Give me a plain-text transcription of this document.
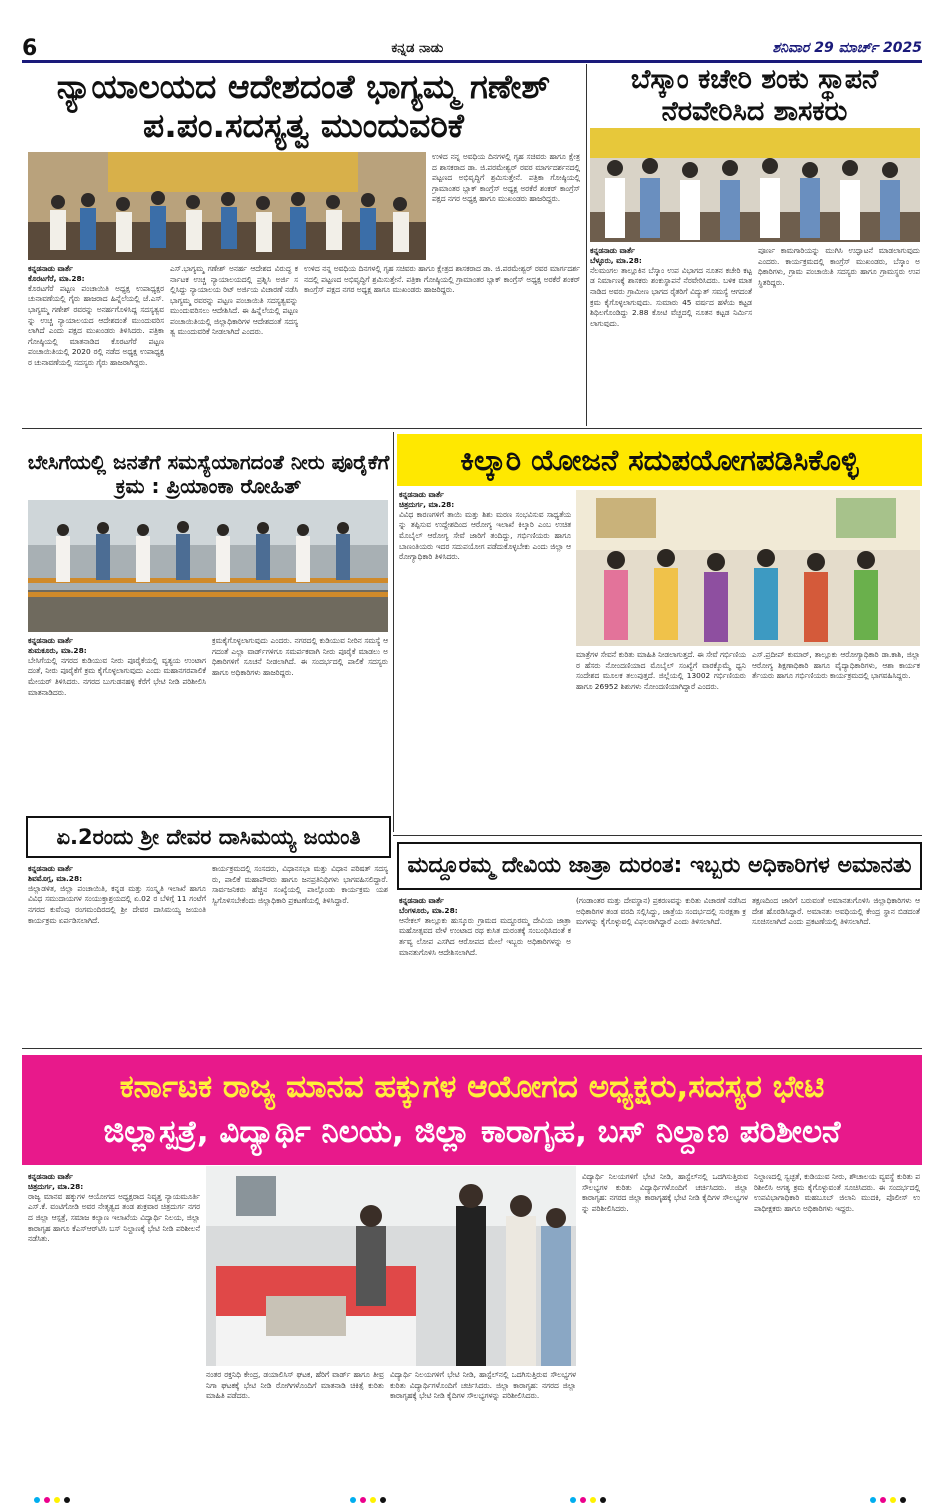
6	ಕನ್ನಡ ನಾಡು	ಶನಿವಾರ 29 ಮಾರ್ಚ್ 2025
ನ್ಯಾಯಾಲಯದ ಆದೇಶದಂತೆ ಭಾಗ್ಯಮ್ಮ ಗಣೇಶ್ ಪ.ಪಂ.ಸದಸ್ಯತ್ವ ಮುಂದುವರಿಕೆ
ಉಳಿದ ನನ್ನ ಅವಧಿಯ ದಿನಗಳಲ್ಲಿ ಗೃಹ ಸಚಿವರು ಹಾಗೂ ಕ್ಷೇತ್ರದ ಶಾಸಕರಾದ ಡಾ. ಜಿ.ಪರಮೇಶ್ವರ್ ರವರ ಮಾರ್ಗದರ್ಶನದಲ್ಲಿ ಪಟ್ಟಣದ ಅಭಿವೃದ್ಧಿಗೆ ಶ್ರಮಿಸುತ್ತೇನೆ. ಪತ್ರಿಕಾ ಗೋಷ್ಠಿಯಲ್ಲಿ ಗ್ರಾಮಾಂತರ ಬ್ಲಾಕ್ ಕಾಂಗ್ರೆಸ್ ಅಧ್ಯಕ್ಷ ಅರಕೆರೆ ಶಂಕರ್ ಕಾಂಗ್ರೆಸ್ ಪಕ್ಷದ ನಗರ ಅಧ್ಯಕ್ಷ ಹಾಗೂ ಮುಖಂಡರು ಹಾಜರಿದ್ದರು.
ಕನ್ನಡನಾಡು ವಾರ್ತೆ
ಕೊರಟಗೆರೆ, ಮಾ.28:
ಕೊರಟಗೆರೆ ಪಟ್ಟಣ ಪಂಚಾಯಿತಿ ಅಧ್ಯಕ್ಷ ಉಪಾಧ್ಯಕ್ಷರ ಚುನಾವಣೆಯಲ್ಲಿ ಗೈರು ಹಾಜರಾದ ಹಿನ್ನೆಲೆಯಲ್ಲಿ ಜೆ.ಎಸ್.ಭಾಗ್ಯಮ್ಮ ಗಣೇಶ್ ರವರನ್ನು ಅನರ್ಹಗೊಳಿಸಿದ್ದ ಸದಸ್ಯತ್ವವನ್ನು ಉಚ್ಚ ನ್ಯಾಯಾಲಯದ ಆದೇಶದಂತೆ ಮುಂದುವರಿಸಲಾಗಿದೆ ಎಂದು ಪಕ್ಷದ ಮುಖಂಡರು ತಿಳಿಸಿದರು. ಪತ್ರಿಕಾ ಗೋಷ್ಠಿಯಲ್ಲಿ ಮಾತನಾಡಿದ ಕೊರಟಗೆರೆ ಪಟ್ಟಣ ಪಂಚಾಯಿತಿಯಲ್ಲಿ 2020 ರಲ್ಲಿ ನಡೆದ ಅಧ್ಯಕ್ಷ ಉಪಾಧ್ಯಕ್ಷರ ಚುನಾವಣೆಯಲ್ಲಿ ಸದಸ್ಯರು ಗೈರು ಹಾಜರಾಗಿದ್ದರು.
ಎಸ್.ಭಾಗ್ಯಮ್ಮ ಗಣೇಶ್ ಅನರ್ಹ ಆದೇಶದ ವಿರುದ್ಧ ಕರ್ನಾಟಕ ಉಚ್ಚ ನ್ಯಾಯಾಲಯದಲ್ಲಿ ಪ್ರಶ್ನಿಸಿ ಅರ್ಜಿ ಸಲ್ಲಿಸಿದ್ದು ನ್ಯಾಯಾಲಯ ರಿಟ್ ಅರ್ಜಿಯ ವಿಚಾರಣೆ ನಡೆಸಿ ಭಾಗ್ಯಮ್ಮ ರವರನ್ನು ಪಟ್ಟಣ ಪಂಚಾಯಿತಿ ಸದಸ್ಯತ್ವವನ್ನು ಮುಂದುವರಿಸಲು ಆದೇಶಿಸಿದೆ. ಈ ಹಿನ್ನೆಲೆಯಲ್ಲಿ ಪಟ್ಟಣ ಪಂಚಾಯಿತಿಯಲ್ಲಿ ಜಿಲ್ಲಾಧಿಕಾರಿಗಳ ಆದೇಶದಂತೆ ಸದಸ್ಯತ್ವ ಮುಂದುವರಿಕೆ ನೀಡಲಾಗಿದೆ ಎಂದರು.
ಉಳಿದ ನನ್ನ ಅವಧಿಯ ದಿನಗಳಲ್ಲಿ ಗೃಹ ಸಚಿವರು ಹಾಗೂ ಕ್ಷೇತ್ರದ ಶಾಸಕರಾದ ಡಾ. ಜಿ.ಪರಮೇಶ್ವರ್ ರವರ ಮಾರ್ಗದರ್ಶನದಲ್ಲಿ ಪಟ್ಟಣದ ಅಭಿವೃದ್ಧಿಗೆ ಶ್ರಮಿಸುತ್ತೇನೆ. ಪತ್ರಿಕಾ ಗೋಷ್ಠಿಯಲ್ಲಿ ಗ್ರಾಮಾಂತರ ಬ್ಲಾಕ್ ಕಾಂಗ್ರೆಸ್ ಅಧ್ಯಕ್ಷ ಅರಕೆರೆ ಶಂಕರ್ ಕಾಂಗ್ರೆಸ್ ಪಕ್ಷದ ನಗರ ಅಧ್ಯಕ್ಷ ಹಾಗೂ ಮುಖಂಡರು ಹಾಜರಿದ್ದರು.
ಬೆಸ್ಕಾಂ ಕಚೇರಿ ಶಂಕು ಸ್ಥಾಪನೆ ನೆರವೇರಿಸಿದ ಶಾಸಕರು
ಕನ್ನಡನಾಡು ವಾರ್ತೆ
ಬೆಳ್ಳೂರು, ಮಾ.28:
ನೆಲಮಂಗಲ ತಾಲ್ಲೂಕಿನ ಬೆಸ್ಕಾಂ ಉಪ ವಿಭಾಗದ ನೂತನ ಕಚೇರಿ ಕಟ್ಟಡ ನಿರ್ಮಾಣಕ್ಕೆ ಶಾಸಕರು ಶಂಕುಸ್ಥಾಪನೆ ನೆರವೇರಿಸಿದರು. ಬಳಿಕ ಮಾತನಾಡಿದ ಅವರು ಗ್ರಾಮೀಣ ಭಾಗದ ರೈತರಿಗೆ ವಿದ್ಯುತ್ ಸಮಸ್ಯೆ ಆಗದಂತೆ ಕ್ರಮ ಕೈಗೊಳ್ಳಲಾಗುವುದು. ಸುಮಾರು 45 ವರ್ಷದ ಹಳೆಯ ಕಟ್ಟಡ ಶಿಥಿಲಗೊಂಡಿದ್ದು 2.88 ಕೋಟಿ ವೆಚ್ಚದಲ್ಲಿ ನೂತನ ಕಟ್ಟಡ ನಿರ್ಮಿಸಲಾಗುವುದು.
ಪೂರ್ಣ ಕಾಮಗಾರಿಯನ್ನು ಮುಗಿಸಿ ಉದ್ಘಾಟನೆ ಮಾಡಲಾಗುವುದು ಎಂದರು. ಕಾರ್ಯಕ್ರಮದಲ್ಲಿ ಕಾಂಗ್ರೆಸ್ ಮುಖಂಡರು, ಬೆಸ್ಕಾಂ ಅಧಿಕಾರಿಗಳು, ಗ್ರಾಮ ಪಂಚಾಯಿತಿ ಸದಸ್ಯರು ಹಾಗೂ ಗ್ರಾಮಸ್ಥರು ಉಪಸ್ಥಿತರಿದ್ದರು.
ಬೇಸಿಗೆಯಲ್ಲಿ ಜನತೆಗೆ ಸಮಸ್ಯೆಯಾಗದಂತೆ ನೀರು ಪೂರೈಕೆಗೆ ಕ್ರಮ : ಪ್ರಿಯಾಂಕಾ ರೋಹಿತ್
ಕನ್ನಡನಾಡು ವಾರ್ತೆ
ತುಮಕೂರು, ಮಾ.28:
ಬೇಸಿಗೆಯಲ್ಲಿ ನಗರದ ಕುಡಿಯುವ ನೀರು ಪೂರೈಕೆಯಲ್ಲಿ ವ್ಯತ್ಯಯ ಉಂಟಾಗದಂತೆ, ನೀರು ಪೂರೈಕೆಗೆ ಕ್ರಮ ಕೈಗೊಳ್ಳಲಾಗುವುದು ಎಂದು ಮಹಾನಗರಪಾಲಿಕೆ ಮೇಯರ್ ತಿಳಿಸಿದರು. ನಗರದ ಬುಗುಡನಹಳ್ಳಿ ಕೆರೆಗೆ ಭೇಟಿ ನೀಡಿ ಪರಿಶೀಲಿಸಿ ಮಾತನಾಡಿದರು.
ಕ್ರಮಕೈಗೊಳ್ಳಲಾಗುವುದು ಎಂದರು. ನಗರದಲ್ಲಿ ಕುಡಿಯುವ ನೀರಿನ ಸಮಸ್ಯೆ ಆಗದಂತೆ ಎಲ್ಲಾ ವಾರ್ಡ್‌ಗಳಿಗೂ ಸಮರ್ಪಕವಾಗಿ ನೀರು ಪೂರೈಕೆ ಮಾಡಲು ಅಧಿಕಾರಿಗಳಿಗೆ ಸೂಚನೆ ನೀಡಲಾಗಿದೆ. ಈ ಸಂದರ್ಭದಲ್ಲಿ ಪಾಲಿಕೆ ಸದಸ್ಯರು ಹಾಗೂ ಅಧಿಕಾರಿಗಳು ಹಾಜರಿದ್ದರು.
ಕಿಲ್ಕಾರಿ ಯೋಜನೆ ಸದುಪಯೋಗಪಡಿಸಿಕೊಳ್ಳಿ
ಕನ್ನಡನಾಡು ವಾರ್ತೆ
ಚಿತ್ರದುರ್ಗ, ಮಾ.28:
ವಿವಿಧ ಕಾರಣಗಳಿಗೆ ತಾಯಿ ಮತ್ತು ಶಿಶು ಮರಣ ಸಂಭವಿಸುವ ಸಾಧ್ಯತೆಯನ್ನು ತಪ್ಪಿಸುವ ಉದ್ದೇಶದಿಂದ ಆರೋಗ್ಯ ಇಲಾಖೆ ಕಿಲ್ಕಾರಿ ಎಂಬ ಉಚಿತ ಮೊಬೈಲ್ ಆರೋಗ್ಯ ಸೇವೆ ಜಾರಿಗೆ ತಂದಿದ್ದು, ಗರ್ಭಿಣಿಯರು ಹಾಗೂ ಬಾಣಂತಿಯರು ಇದರ ಸದುಪಯೋಗ ಪಡೆದುಕೊಳ್ಳಬೇಕು ಎಂದು ಜಿಲ್ಲಾ ಆರೋಗ್ಯಾಧಿಕಾರಿ ತಿಳಿಸಿದರು.
ಮಾತ್ರೆಗಳ ಸೇವನೆ ಕುರಿತು ಮಾಹಿತಿ ನೀಡಲಾಗುತ್ತದೆ. ಈ ಸೇವೆ ಗರ್ಭಿಣಿಯರ ಹೆಸರು ನೋಂದಣಿಯಾದ ಮೊಬೈಲ್ ಸಂಖ್ಯೆಗೆ ವಾರಕ್ಕೊಮ್ಮೆ ಧ್ವನಿ ಸಂದೇಶದ ಮೂಲಕ ತಲುಪುತ್ತದೆ. ಜಿಲ್ಲೆಯಲ್ಲಿ 13002 ಗರ್ಭಿಣಿಯರು ಹಾಗೂ 26952 ಶಿಶುಗಳು ನೋಂದಣಿಯಾಗಿದ್ದಾರೆ ಎಂದರು.
ಎಸ್.ಪ್ರದೀಪ್ ಕುಮಾರ್, ತಾಲ್ಲೂಕು ಆರೋಗ್ಯಾಧಿಕಾರಿ ಡಾ.ಕಾಶಿ, ಜಿಲ್ಲಾ ಆರೋಗ್ಯ ಶಿಕ್ಷಣಾಧಿಕಾರಿ ಹಾಗೂ ವೈದ್ಯಾಧಿಕಾರಿಗಳು, ಆಶಾ ಕಾರ್ಯಕರ್ತೆಯರು ಹಾಗೂ ಗರ್ಭಿಣಿಯರು ಕಾರ್ಯಕ್ರಮದಲ್ಲಿ ಭಾಗವಹಿಸಿದ್ದರು.
ಏ.2ರಂದು ಶ್ರೀ ದೇವರ ದಾಸಿಮಯ್ಯ ಜಯಂತಿ
ಕನ್ನಡನಾಡು ವಾರ್ತೆ
ಶಿವಮೊಗ್ಗ, ಮಾ.28:
ಜಿಲ್ಲಾಡಳಿತ, ಜಿಲ್ಲಾ ಪಂಚಾಯಿತಿ, ಕನ್ನಡ ಮತ್ತು ಸಂಸ್ಕೃತಿ ಇಲಾಖೆ ಹಾಗೂ ವಿವಿಧ ಸಮುದಾಯಗಳ ಸಂಯುಕ್ತಾಶ್ರಯದಲ್ಲಿ ಏ.02 ರ ಬೆಳಿಗ್ಗೆ 11 ಗಂಟೆಗೆ ನಗರದ ಕುವೆಂಪು ರಂಗಮಂದಿರದಲ್ಲಿ ಶ್ರೀ ದೇವರ ದಾಸಿಮಯ್ಯ ಜಯಂತಿ ಕಾರ್ಯಕ್ರಮ ಏರ್ಪಡಿಸಲಾಗಿದೆ.
ಕಾರ್ಯಕ್ರಮದಲ್ಲಿ ಸಂಸದರು, ವಿಧಾನಸಭಾ ಮತ್ತು ವಿಧಾನ ಪರಿಷತ್ ಸದಸ್ಯರು, ಪಾಲಿಕೆ ಮಹಾಪೌರರು ಹಾಗೂ ಜನಪ್ರತಿನಿಧಿಗಳು ಭಾಗವಹಿಸಲಿದ್ದಾರೆ. ಸಾರ್ವಜನಿಕರು ಹೆಚ್ಚಿನ ಸಂಖ್ಯೆಯಲ್ಲಿ ಪಾಲ್ಗೊಂಡು ಕಾರ್ಯಕ್ರಮ ಯಶಸ್ವಿಗೊಳಿಸಬೇಕೆಂದು ಜಿಲ್ಲಾಧಿಕಾರಿ ಪ್ರಕಟಣೆಯಲ್ಲಿ ತಿಳಿಸಿದ್ದಾರೆ.
ಮದ್ದೂರಮ್ಮ ದೇವಿಯ ಜಾತ್ರಾ ದುರಂತ: ಇಬ್ಬರು ಅಧಿಕಾರಿಗಳ ಅಮಾನತು
ಕನ್ನಡನಾಡು ವಾರ್ತೆ
ಬೆಂಗಳೂರು, ಮಾ.28:
ಆನೇಕಲ್ ತಾಲ್ಲೂಕು ಹುಸ್ಕೂರು ಗ್ರಾಮದ ಮದ್ದೂರಮ್ಮ ದೇವಿಯ ಜಾತ್ರಾ ಮಹೋತ್ಸವದ ವೇಳೆ ಉಂಟಾದ ರಥ ಕುಸಿತ ದುರಂತಕ್ಕೆ ಸಂಬಂಧಿಸಿದಂತೆ ಕರ್ತವ್ಯ ಲೋಪ ಎಸಗಿದ ಆರೋಪದ ಮೇಲೆ ಇಬ್ಬರು ಅಧಿಕಾರಿಗಳನ್ನು ಅಮಾನತುಗೊಳಿಸಿ ಆದೇಶಿಸಲಾಗಿದೆ.
(ಗಂಡಾಂತರ ಮತ್ತು ದೇವಸ್ಥಾನ) ಪ್ರಕರಣವನ್ನು ಕುರಿತು ವಿಚಾರಣೆ ನಡೆಸಿದ ಅಧಿಕಾರಿಗಳ ತಂಡ ವರದಿ ಸಲ್ಲಿಸಿದ್ದು, ಜಾತ್ರೆಯ ಸಂದರ್ಭದಲ್ಲಿ ಸುರಕ್ಷತಾ ಕ್ರಮಗಳನ್ನು ಕೈಗೊಳ್ಳುವಲ್ಲಿ ವಿಫಲರಾಗಿದ್ದಾರೆ ಎಂದು ತಿಳಿಸಲಾಗಿದೆ.
ತಕ್ಷಣದಿಂದ ಜಾರಿಗೆ ಬರುವಂತೆ ಅಮಾನತುಗೊಳಿಸಿ ಜಿಲ್ಲಾಧಿಕಾರಿಗಳು ಆದೇಶ ಹೊರಡಿಸಿದ್ದಾರೆ. ಅಮಾನತು ಅವಧಿಯಲ್ಲಿ ಕೇಂದ್ರ ಸ್ಥಾನ ಬಿಡದಂತೆ ಸೂಚಿಸಲಾಗಿದೆ ಎಂದು ಪ್ರಕಟಣೆಯಲ್ಲಿ ತಿಳಿಸಲಾಗಿದೆ.
ಕರ್ನಾಟಕ ರಾಜ್ಯ ಮಾನವ ಹಕ್ಕುಗಳ ಆಯೋಗದ ಅಧ್ಯಕ್ಷರು,ಸದಸ್ಯರ ಭೇಟಿ
ಜಿಲ್ಲಾಸ್ಪತ್ರೆ, ವಿದ್ಯಾರ್ಥಿ ನಿಲಯ, ಜಿಲ್ಲಾ ಕಾರಾಗೃಹ, ಬಸ್ ನಿಲ್ದಾಣ ಪರಿಶೀಲನೆ
ಕನ್ನಡನಾಡು ವಾರ್ತೆ
ಚಿತ್ರದುರ್ಗ, ಮಾ.28:
ರಾಜ್ಯ ಮಾನವ ಹಕ್ಕುಗಳ ಆಯೋಗದ ಅಧ್ಯಕ್ಷರಾದ ನಿವೃತ್ತ ನ್ಯಾಯಮೂರ್ತಿ ಎಸ್.ಕೆ. ವಂಟಿಗೋಡಿ ಅವರ ನೇತೃತ್ವದ ತಂಡ ಶುಕ್ರವಾರ ಚಿತ್ರದುರ್ಗ ನಗರದ ಜಿಲ್ಲಾ ಆಸ್ಪತ್ರೆ, ಸಮಾಜ ಕಲ್ಯಾಣ ಇಲಾಖೆಯ ವಿದ್ಯಾರ್ಥಿ ನಿಲಯ, ಜಿಲ್ಲಾ ಕಾರಾಗೃಹ ಹಾಗೂ ಕೆಎಸ್ಆರ್‌ಟಿಸಿ ಬಸ್ ನಿಲ್ದಾಣಕ್ಕೆ ಭೇಟಿ ನೀಡಿ ಪರಿಶೀಲನೆ ನಡೆಸಿತು.
ನಂತರ ರಕ್ತನಿಧಿ ಕೇಂದ್ರ, ಡಯಾಲಿಸಿಸ್ ಘಟಕ, ಹೆರಿಗೆ ವಾರ್ಡ್ ಹಾಗೂ ತೀವ್ರ ನಿಗಾ ಘಟಕಕ್ಕೆ ಭೇಟಿ ನೀಡಿ ರೋಗಿಗಳೊಂದಿಗೆ ಮಾತನಾಡಿ ಚಿಕಿತ್ಸೆ ಕುರಿತು ಮಾಹಿತಿ ಪಡೆದರು.
ವಿದ್ಯಾರ್ಥಿ ನಿಲಯಗಳಿಗೆ ಭೇಟಿ ನೀಡಿ, ಹಾಸ್ಟೆಲ್‌ನಲ್ಲಿ ಒದಗಿಸುತ್ತಿರುವ ಸೌಲಭ್ಯಗಳ ಕುರಿತು ವಿದ್ಯಾರ್ಥಿಗಳೊಂದಿಗೆ ಚರ್ಚಿಸಿದರು. ಜಿಲ್ಲಾ ಕಾರಾಗೃಹ: ನಗರದ ಜಿಲ್ಲಾ ಕಾರಾಗೃಹಕ್ಕೆ ಭೇಟಿ ನೀಡಿ ಕೈದಿಗಳ ಸೌಲಭ್ಯಗಳನ್ನು ಪರಿಶೀಲಿಸಿದರು.
ವಿದ್ಯಾರ್ಥಿ ನಿಲಯಗಳಿಗೆ ಭೇಟಿ ನೀಡಿ, ಹಾಸ್ಟೆಲ್‌ನಲ್ಲಿ ಒದಗಿಸುತ್ತಿರುವ ಸೌಲಭ್ಯಗಳ ಕುರಿತು ವಿದ್ಯಾರ್ಥಿಗಳೊಂದಿಗೆ ಚರ್ಚಿಸಿದರು. ಜಿಲ್ಲಾ ಕಾರಾಗೃಹ: ನಗರದ ಜಿಲ್ಲಾ ಕಾರಾಗೃಹಕ್ಕೆ ಭೇಟಿ ನೀಡಿ ಕೈದಿಗಳ ಸೌಲಭ್ಯಗಳನ್ನು ಪರಿಶೀಲಿಸಿದರು.
ನಿಲ್ದಾಣದಲ್ಲಿ ಸ್ವಚ್ಛತೆ, ಕುಡಿಯುವ ನೀರು, ಶೌಚಾಲಯ ವ್ಯವಸ್ಥೆ ಕುರಿತು ಪರಿಶೀಲಿಸಿ ಅಗತ್ಯ ಕ್ರಮ ಕೈಗೊಳ್ಳುವಂತೆ ಸೂಚಿಸಿದರು. ಈ ಸಂದರ್ಭದಲ್ಲಿ ಉಪವಿಭಾಗಾಧಿಕಾರಿ ಮಹಬೂಬ್ ಜಿಲಾನಿ ಮುದಕಿ, ಪೊಲೀಸ್ ಉಪಾಧೀಕ್ಷಕರು ಹಾಗೂ ಅಧಿಕಾರಿಗಳು ಇದ್ದರು.
